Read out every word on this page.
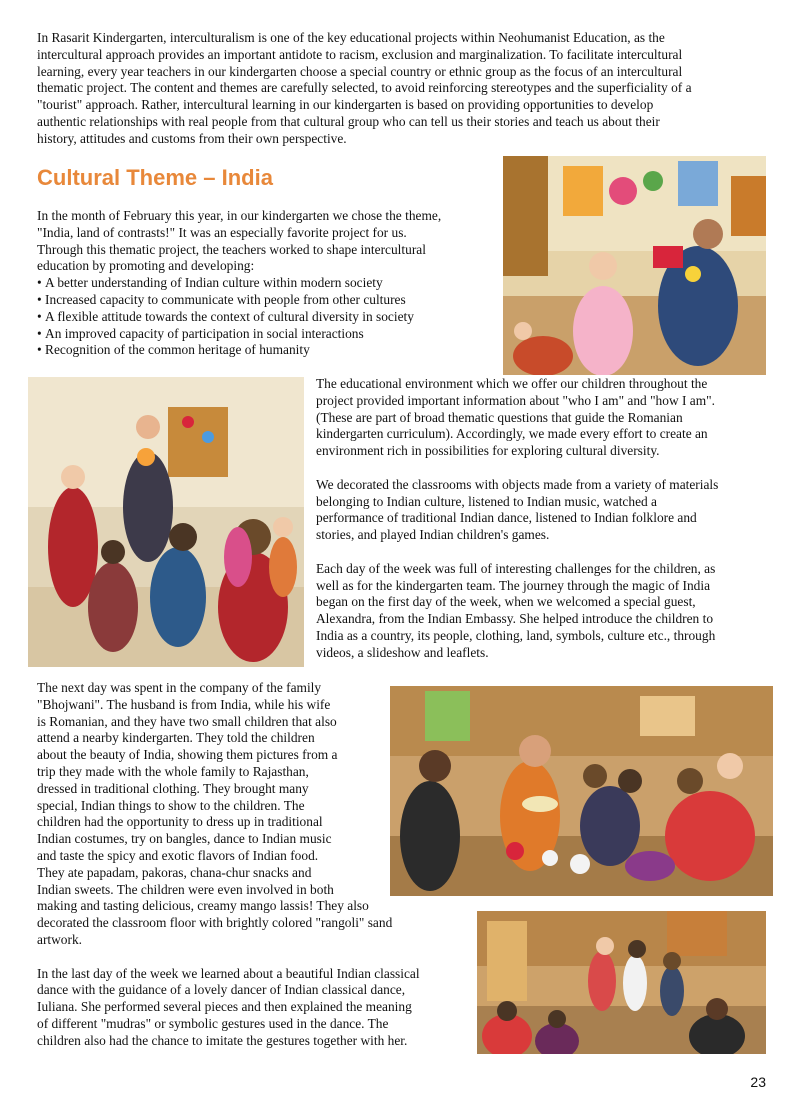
In Rasarit Kindergarten, interculturalism is one of the key educational projects within Neohumanist Education, as the
intercultural approach provides an important antidote to racism, exclusion and marginalization. To facilitate intercultural
learning, every year teachers in our kindergarten choose a special country or ethnic group as the focus of an intercultural
thematic project. The content and themes are carefully selected, to avoid reinforcing stereotypes and the superficiality of a
"tourist" approach. Rather, intercultural learning in our kindergarten is based on providing opportunities to develop
authentic relationships with real people from that cultural group who can tell us their stories and teach us about their
history, attitudes and customs from their own perspective.

Cultural Theme – India

In the month of February this year, in our kindergarten we chose the theme,
"India, land of contrasts!" It was an especially favorite project for us.
Through this thematic project, the teachers worked to shape intercultural
education by promoting and developing:

• A better understanding of Indian culture within modern society
• Increased capacity to communicate with people from other cultures
• A flexible attitude towards the context of cultural diversity in society
• An improved capacity of participation in social interactions
• Recognition of the common heritage of humanity

The educational environment which we offer our children throughout the
project provided important information about "who I am" and "how I am".
(These are part of broad thematic questions that guide the Romanian
kindergarten curriculum). Accordingly, we made every effort to create an
environment rich in possibilities for exploring cultural diversity.

We decorated the classrooms with objects made from a variety of materials
belonging to Indian culture, listened to Indian music, watched a
performance of traditional Indian dance, listened to Indian folklore and
stories, and played Indian children's games.

Each day of the week was full of interesting challenges for the children, as
well as for the kindergarten team. The journey through the magic of India
began on the first day of the week, when we welcomed a special guest,
Alexandra, from the Indian Embassy. She helped introduce the children to
India as a country, its people, clothing, land, symbols, culture etc., through
videos, a slideshow and leaflets.

The next day was spent in the company of the family
"Bhojwani". The husband is from India, while his wife
is Romanian, and they have two small children that also
attend a nearby kindergarten. They told the children
about the beauty of India, showing them pictures from a
trip they made with the whole family to Rajasthan,
dressed in traditional clothing. They brought many
special, Indian things to show to the children. The
children had the opportunity to dress up in traditional
Indian costumes, try on bangles, dance to Indian music
and taste the spicy and exotic flavors of Indian food.
They ate papadam, pakoras, chana-chur snacks and
Indian sweets. The children were even involved in both
making and tasting delicious, creamy mango lassis! They also
decorated the classroom floor with brightly colored "rangoli" sand
artwork.

In the last day of the week we learned about a beautiful Indian classical
dance with the guidance of a lovely dancer of Indian classical dance,
Iuliana. She performed several pieces and then explained the meaning
of different "mudras" or symbolic gestures used in the dance. The
children also had the chance to imitate the gestures together with her.

23
